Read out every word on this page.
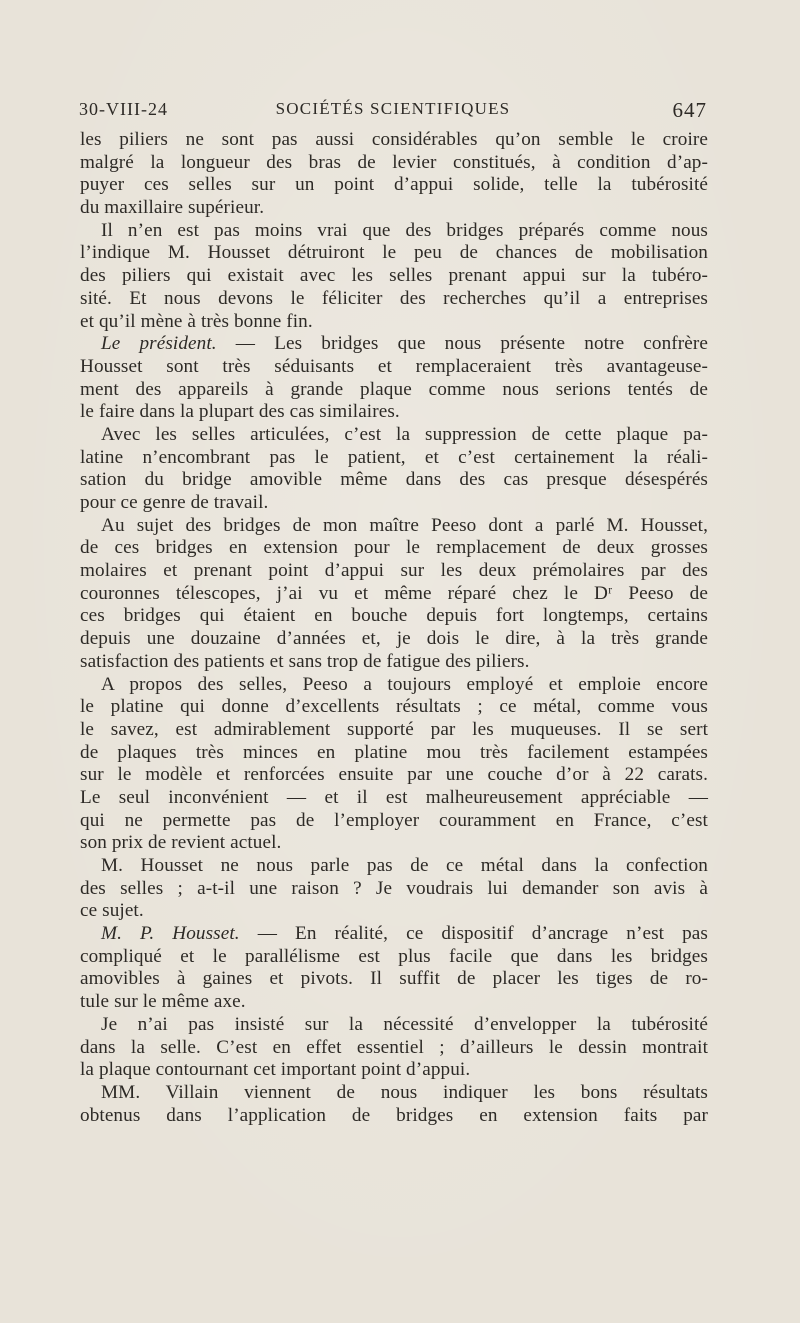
30-VIII-24	SOCIÉTÉS SCIENTIFIQUES	647
les piliers ne sont pas aussi considérables qu’on semble le croire
malgré la longueur des bras de levier constitués, à condition d’ap-
puyer ces selles sur un point d’appui solide, telle la tubérosité
du maxillaire supérieur.
Il n’en est pas moins vrai que des bridges préparés comme nous
l’indique M. Housset détruiront le peu de chances de mobilisation
des piliers qui existait avec les selles prenant appui sur la tubéro-
sité. Et nous devons le féliciter des recherches qu’il a entreprises
et qu’il mène à très bonne fin.
Le président. — Les bridges que nous présente notre confrère
Housset sont très séduisants et remplaceraient très avantageuse-
ment des appareils à grande plaque comme nous serions tentés de
le faire dans la plupart des cas similaires.
Avec les selles articulées, c’est la suppression de cette plaque pa-
latine n’encombrant pas le patient, et c’est certainement la réali-
sation du bridge amovible même dans des cas presque désespérés
pour ce genre de travail.
Au sujet des bridges de mon maître Peeso dont a parlé M. Housset,
de ces bridges en extension pour le remplacement de deux grosses
molaires et prenant point d’appui sur les deux prémolaires par des
couronnes télescopes, j’ai vu et même réparé chez le Dʳ Peeso de
ces bridges qui étaient en bouche depuis fort longtemps, certains
depuis une douzaine d’années et, je dois le dire, à la très grande
satisfaction des patients et sans trop de fatigue des piliers.
A propos des selles, Peeso a toujours employé et emploie encore
le platine qui donne d’excellents résultats ; ce métal, comme vous
le savez, est admirablement supporté par les muqueuses. Il se sert
de plaques très minces en platine mou très facilement estampées
sur le modèle et renforcées ensuite par une couche d’or à 22 carats.
Le seul inconvénient — et il est malheureusement appréciable —
qui ne permette pas de l’employer couramment en France, c’est
son prix de revient actuel.
M. Housset ne nous parle pas de ce métal dans la confection
des selles ; a-t-il une raison ? Je voudrais lui demander son avis à
ce sujet.
M. P. Housset. — En réalité, ce dispositif d’ancrage n’est pas
compliqué et le parallélisme est plus facile que dans les bridges
amovibles à gaines et pivots. Il suffit de placer les tiges de ro-
tule sur le même axe.
Je n’ai pas insisté sur la nécessité d’envelopper la tubérosité
dans la selle. C’est en effet essentiel ; d’ailleurs le dessin montrait
la plaque contournant cet important point d’appui.
MM. Villain viennent de nous indiquer les bons résultats
obtenus dans l’application de bridges en extension faits par
